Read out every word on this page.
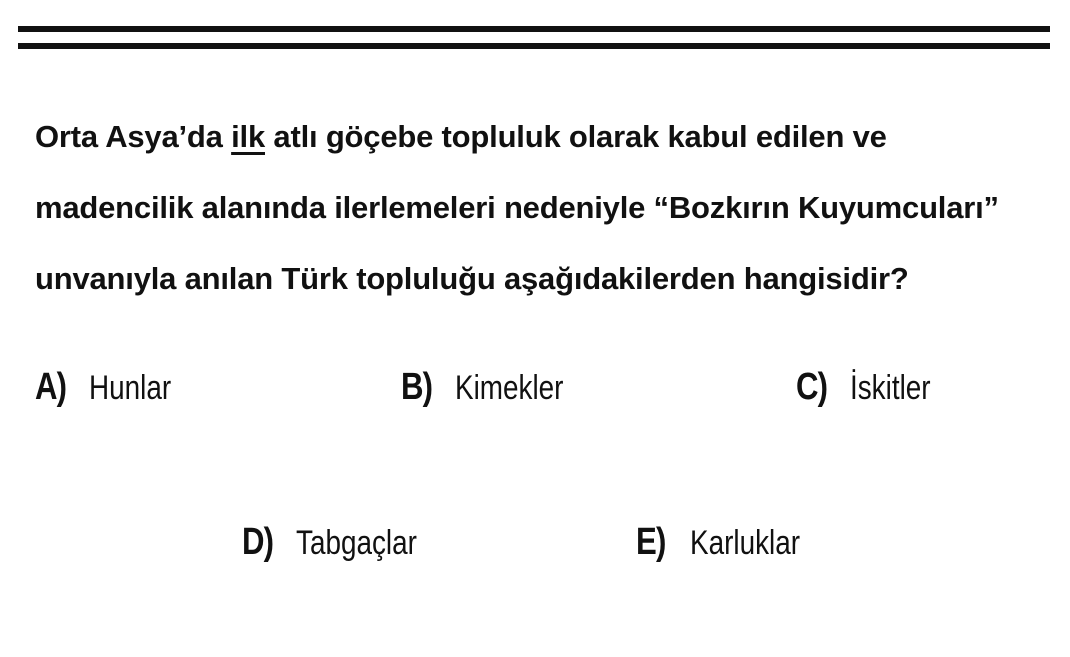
Orta Asya’da ilk atlı göçebe topluluk olarak kabul edilen ve
madencilik alanında ilerlemeleri nedeniyle “Bozkırın Kuyumcuları”
unvanıyla anılan Türk topluluğu aşağıdakilerden hangisidir?
A) Hunlar	B) Kimekler	C) İskitler
D) Tabgaçlar	E) Karluklar
